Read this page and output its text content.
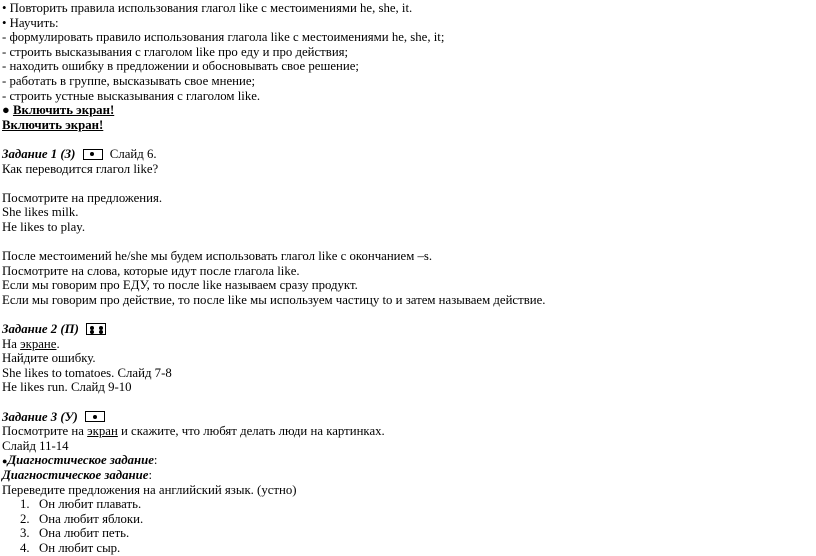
• Повторить правила использования глагол like с местоимениями he, she, it.
• Научить:
- формулировать правило использования глагола like с местоимениями he, she, it;
- строить высказывания с глаголом like про еду и про действия;
- находить ошибку в предложении и обосновывать свое решение;
- работать в группе, высказывать свое мнение;
- строить устные высказывания с глаголом like.
● Включить экран!
Включить экран!
Задание 1 (З)	Слайд 6.
Как переводится глагол like?
Посмотрите на предложения.
She likes milk.
He likes to play.
После местоимений he/she мы будем использовать глагол like с окончанием –s.
Посмотрите на слова, которые идут после глагола like.
Если мы говорим про ЕДУ, то после like называем сразу продукт.
Если мы говорим про действие, то после like мы используем частицу to и затем называем действие.
Задание 2 (П)
На экране.
Найдите ошибку.
She likes to tomatoes. Слайд 7-8
He likes run. Слайд 9-10
Задание 3 (У)
Посмотрите на экран и скажите, что любят делать люди на картинках.
Слайд 11-14
●Диагностическое задание:
Диагностическое задание:
Переведите предложения на английский язык. (устно)
1. Он любит плавать.
2. Она любит яблоки.
3. Она любит петь.
4. Он любит сыр.
